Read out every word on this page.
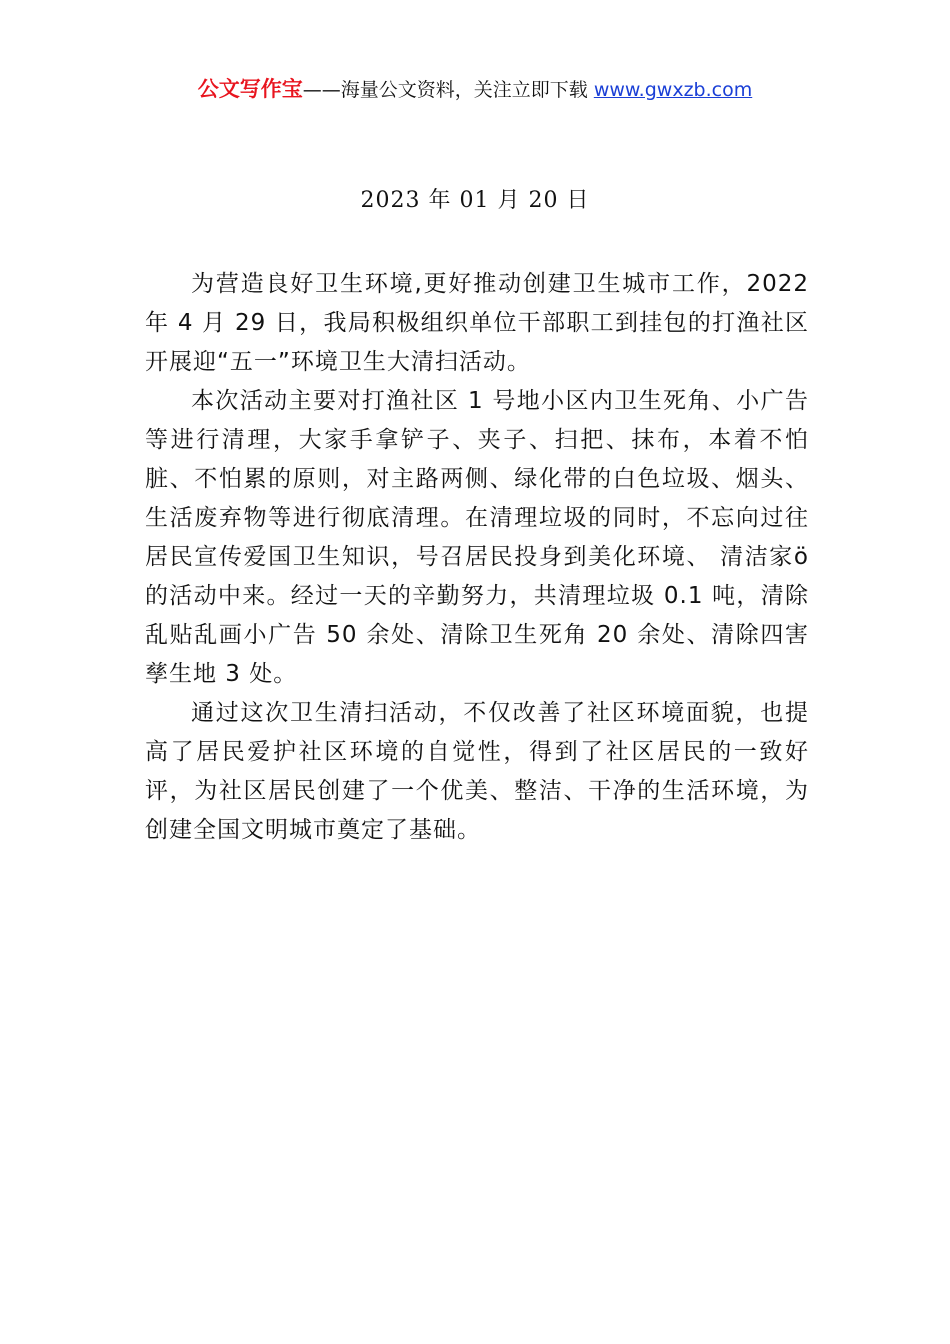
公文写作宝——海量公文资料，关注立即下载 www.gwxzb.com
2023 年 01 月 20 日

为营造良好卫生环境,更好推动创建卫生城市工作，2022 年 4 月 29 日，我局积极组织单位干部职工到挂包的打渔社区开展迎“五一”环境卫生大清扫活动。

本次活动主要对打渔社区 1 号地小区内卫生死角、小广告等进行清理，大家手拿铲子、夹子、扫把、抹布，本着不怕脏、不怕累的原则，对主路两侧、绿化带的白色垃圾、烟头、生活废弃物等进行彻底清理。在清理垃圾的同时，不忘向过往居民宣传爱国卫生知识，号召居民投身到美化环境、 清洁家ö的活动中来。经过一天的辛勤努力，共清理垃圾 0.1 吨，清除乱贴乱画小广告 50 余处、清除卫生死角 20 余处、清除四害孳生地 3 处。

通过这次卫生清扫活动，不仅改善了社区环境面貌，也提高了居民爱护社区环境的自觉性，得到了社区居民的一致好评，为社区居民创建了一个优美、整洁、干净的生活环境，为创建全国文明城市奠定了基础。
